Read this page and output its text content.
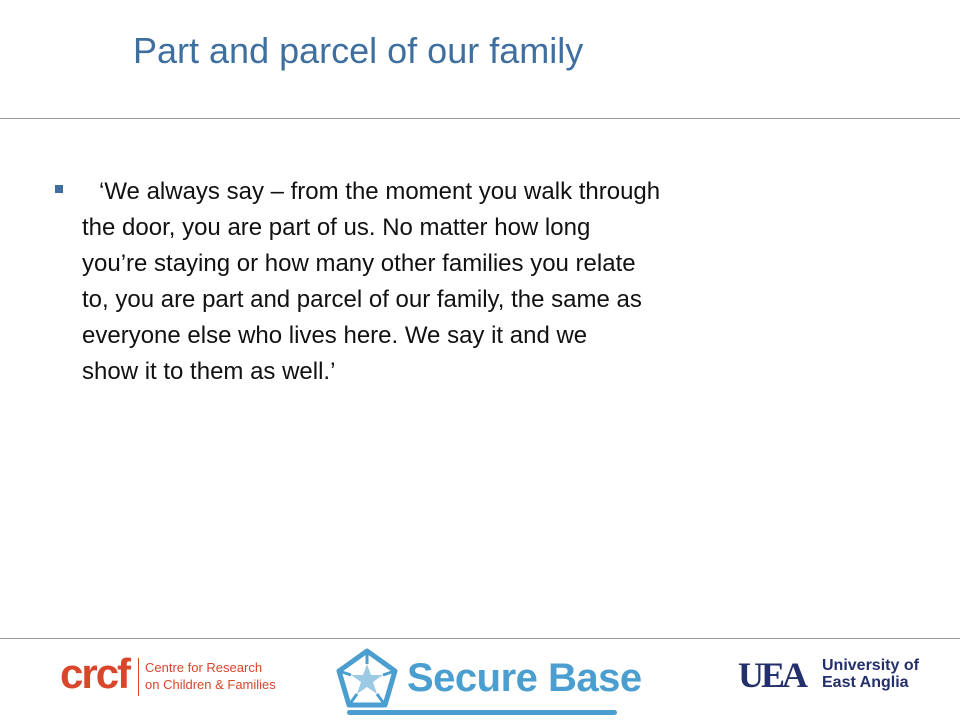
Part and parcel of our family
‘We always say – from the moment you walk through
the door, you are part of us. No matter how long
you’re staying or how many other families you relate
to, you are part and parcel of our family, the same as
everyone else who lives here. We say it and we
show it to them as well.’
crcf Centre for Research
on Children & Families	Secure Base	UEA University of
East Anglia
